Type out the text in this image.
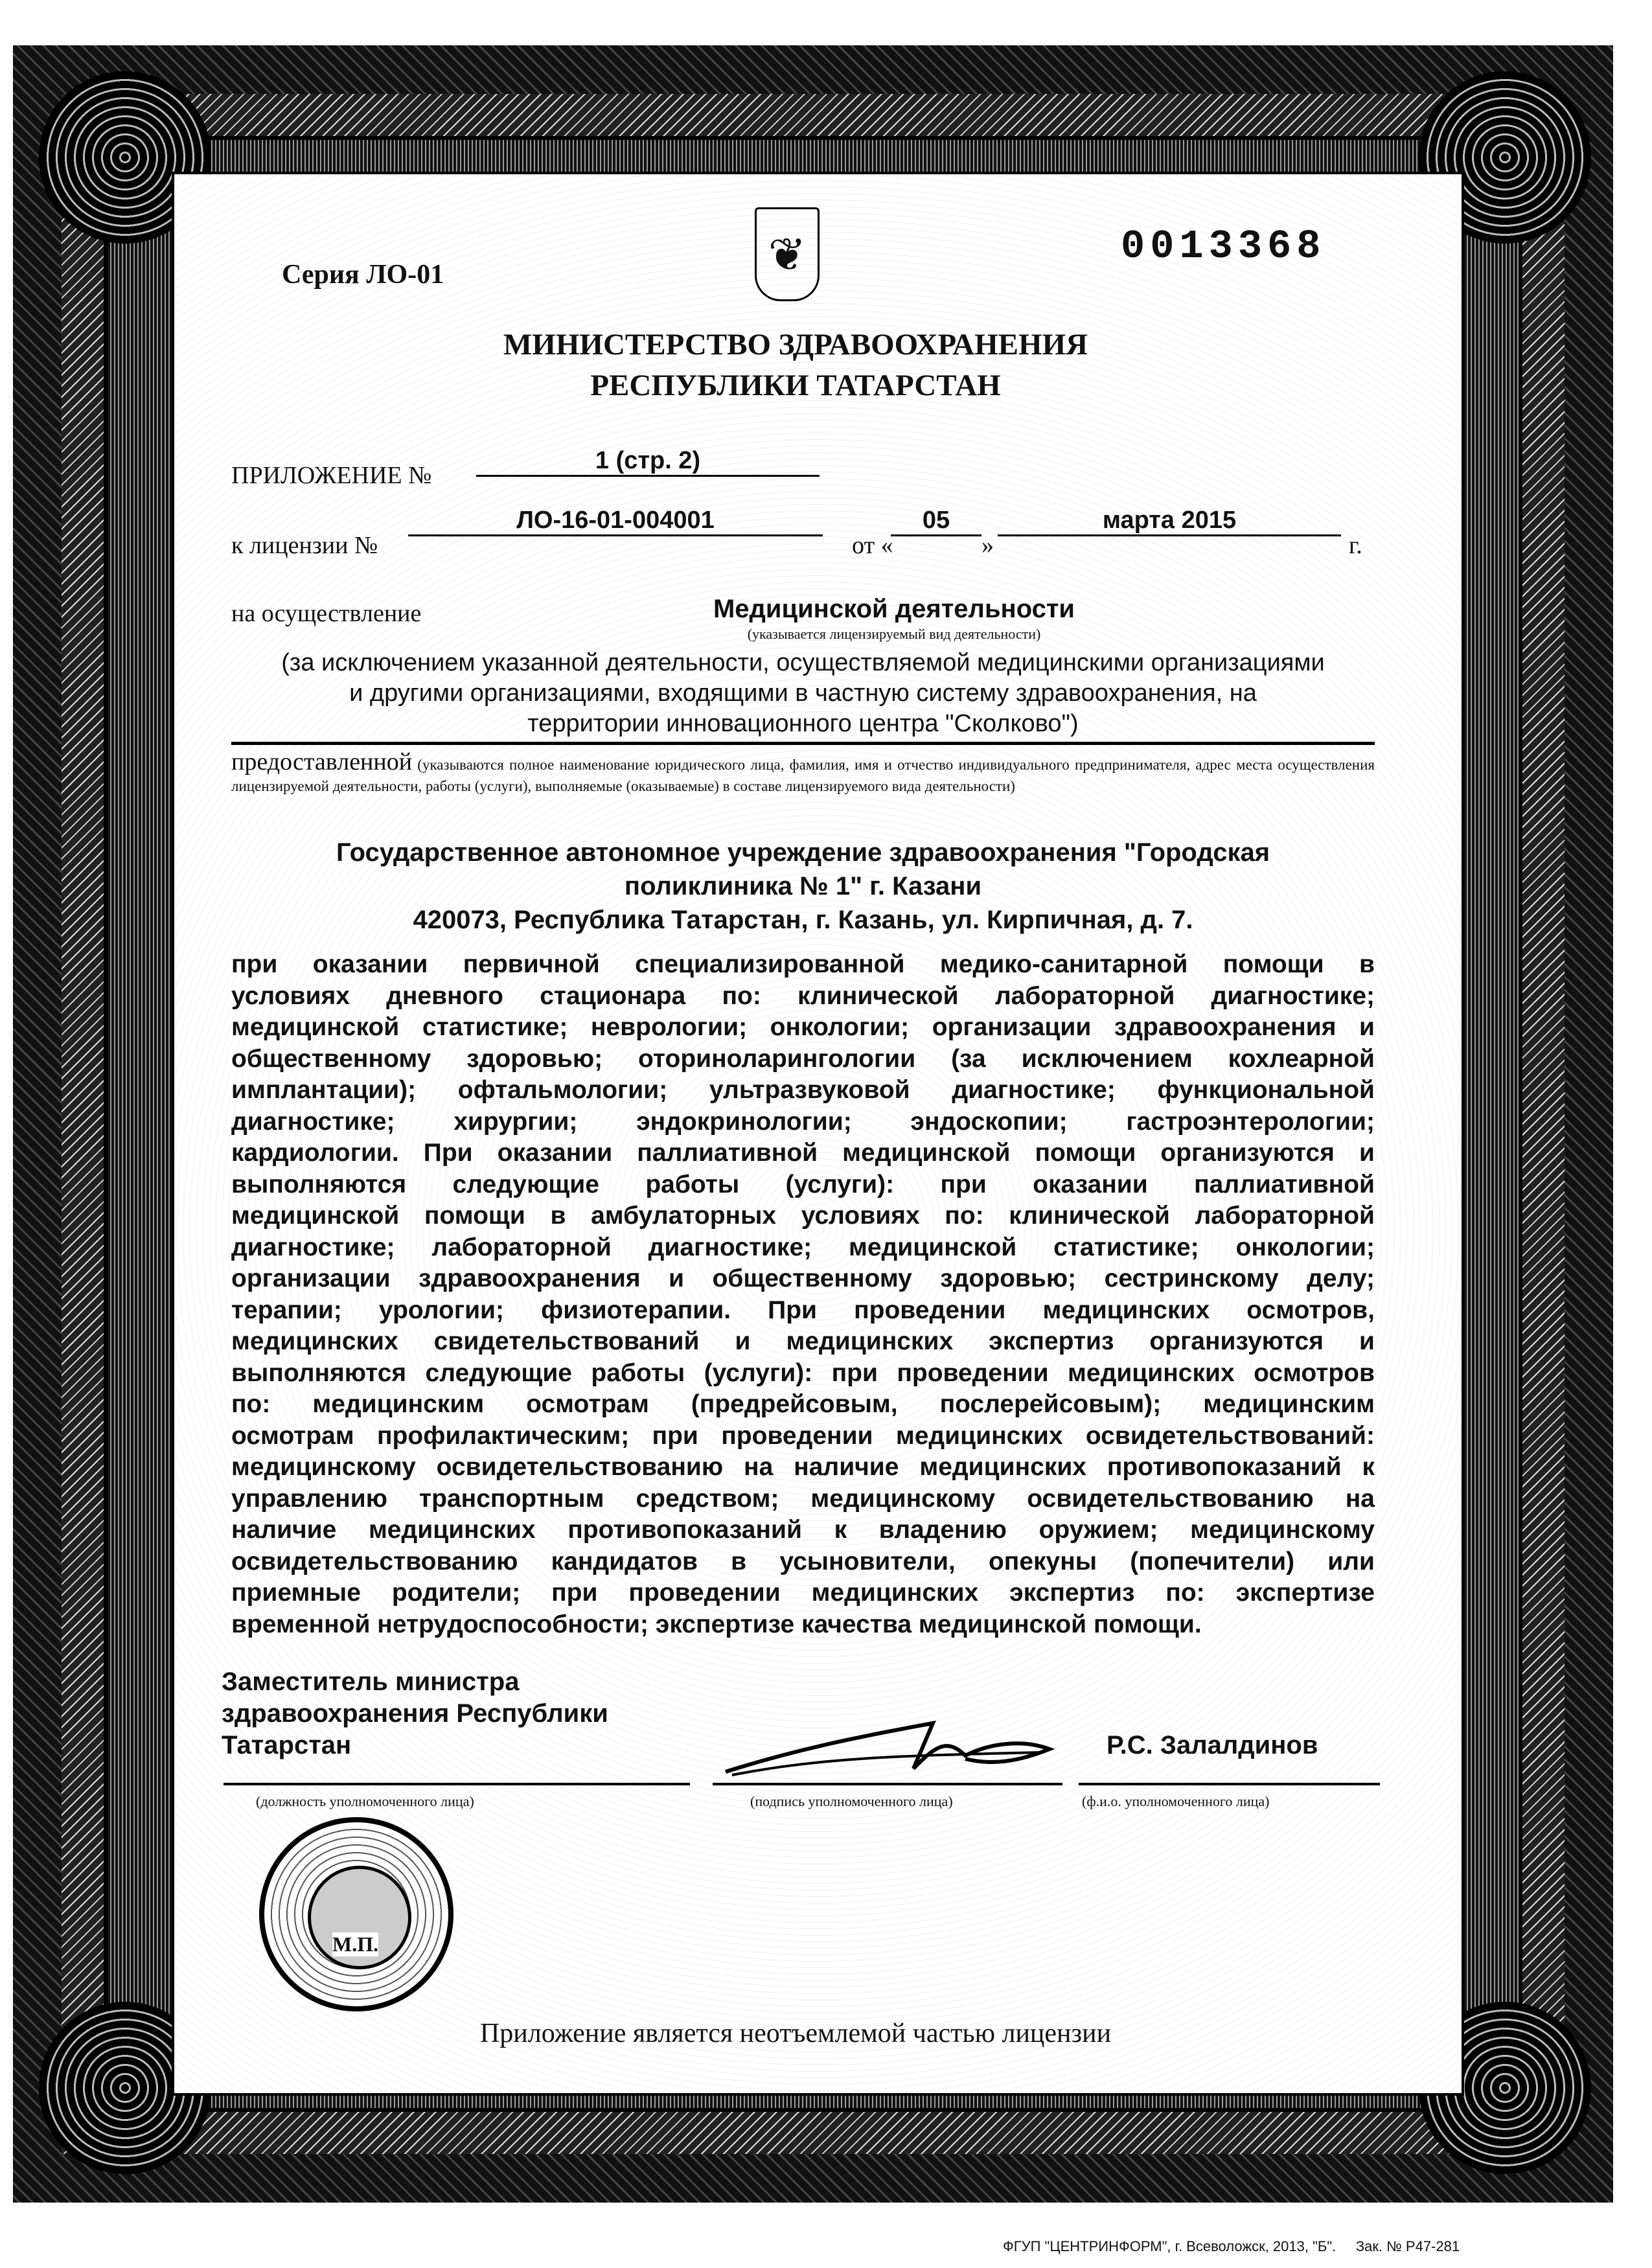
Серия ЛО-01	❦	0013368
МИНИСТЕРСТВО ЗДРАВООХРАНЕНИЯ
РЕСПУБЛИКИ ТАТАРСТАН
ПРИЛОЖЕНИЕ №
1 (стр. 2)
к лицензии №
ЛО-16-01-004001
от «
05
»
марта 2015
г.
на осуществление	Медицинской деятельности
(указывается лицензируемый вид деятельности)
(за исключением указанной деятельности, осуществляемой медицинскими организациями
и другими организациями, входящими в частную систему здравоохранения, на
территории инновационного центра "Сколково")
предоставленной (указываются полное наименование юридического лица, фамилия, имя и отчество индивидуального предпринимателя, адрес места осуществления лицензируемой деятельности, работы (услуги), выполняемые (оказываемые) в составе лицензируемого вида деятельности)
Государственное автономное учреждение здравоохранения "Городская
поликлиника № 1" г. Казани
420073, Республика Татарстан, г. Казань, ул. Кирпичная, д. 7.
при оказании первичной специализированной медико-санитарной помощи в
условиях дневного стационара по: клинической лабораторной диагностике;
медицинской статистике; неврологии; онкологии; организации здравоохранения и
общественному здоровью; оториноларингологии (за исключением кохлеарной
имплантации); офтальмологии; ультразвуковой диагностике; функциональной
диагностике; хирургии; эндокринологии; эндоскопии; гастроэнтерологии;
кардиологии. При оказании паллиативной медицинской помощи организуются и
выполняются следующие работы (услуги): при оказании паллиативной
медицинской помощи в амбулаторных условиях по: клинической лабораторной
диагностике; лабораторной диагностике; медицинской статистике; онкологии;
организации здравоохранения и общественному здоровью; сестринскому делу;
терапии; урологии; физиотерапии. При проведении медицинских осмотров,
медицинских свидетельствований и медицинских экспертиз организуются и
выполняются следующие работы (услуги): при проведении медицинских осмотров
по: медицинским осмотрам (предрейсовым, послерейсовым); медицинским
осмотрам профилактическим; при проведении медицинских освидетельствований:
медицинскому освидетельствованию на наличие медицинских противопоказаний к
управлению транспортным средством; медицинскому освидетельствованию на
наличие медицинских противопоказаний к владению оружием; медицинскому
освидетельствованию кандидатов в усыновители, опекуны (попечители) или
приемные родители; при проведении медицинских экспертиз по: экспертизе
временной нетрудоспособности; экспертизе качества медицинской помощи.
Заместитель министра
здравоохранения Республики
Татарстан	Р.С. Залалдинов
(должность уполномоченного лица)	(подпись уполномоченного лица)	(ф.и.о. уполномоченного лица)
М.П.
Приложение является неотъемлемой частью лицензии
ФГУП "ЦЕНТРИНФОРМ", г. Всеволожск, 2013, "Б".     Зак. № Р47-281
